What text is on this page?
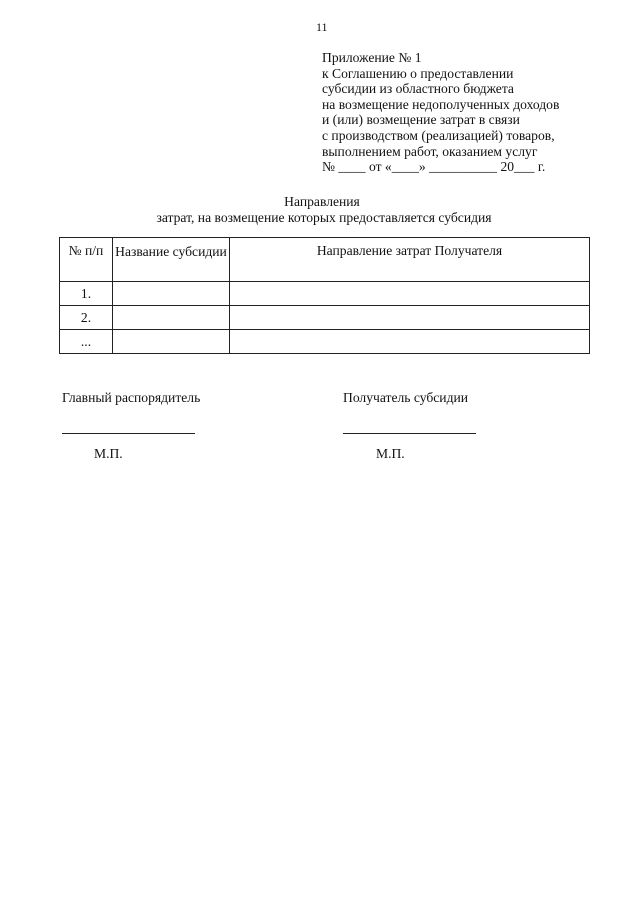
11
Приложение № 1
к Соглашению о предоставлении
субсидии из областного бюджета
на возмещение недополученных доходов
и (или) возмещение затрат в связи
с производством (реализацией) товаров,
выполнением работ, оказанием услуг
№ ____ от «____» __________ 20___ г.
Направления
затрат, на возмещение которых предоставляется субсидия
№ п/п	Название субсидии	Направление затрат Получателя
1.		
2.		
...		
Главный распорядитель	Получатель субсидии
М.П.	М.П.
